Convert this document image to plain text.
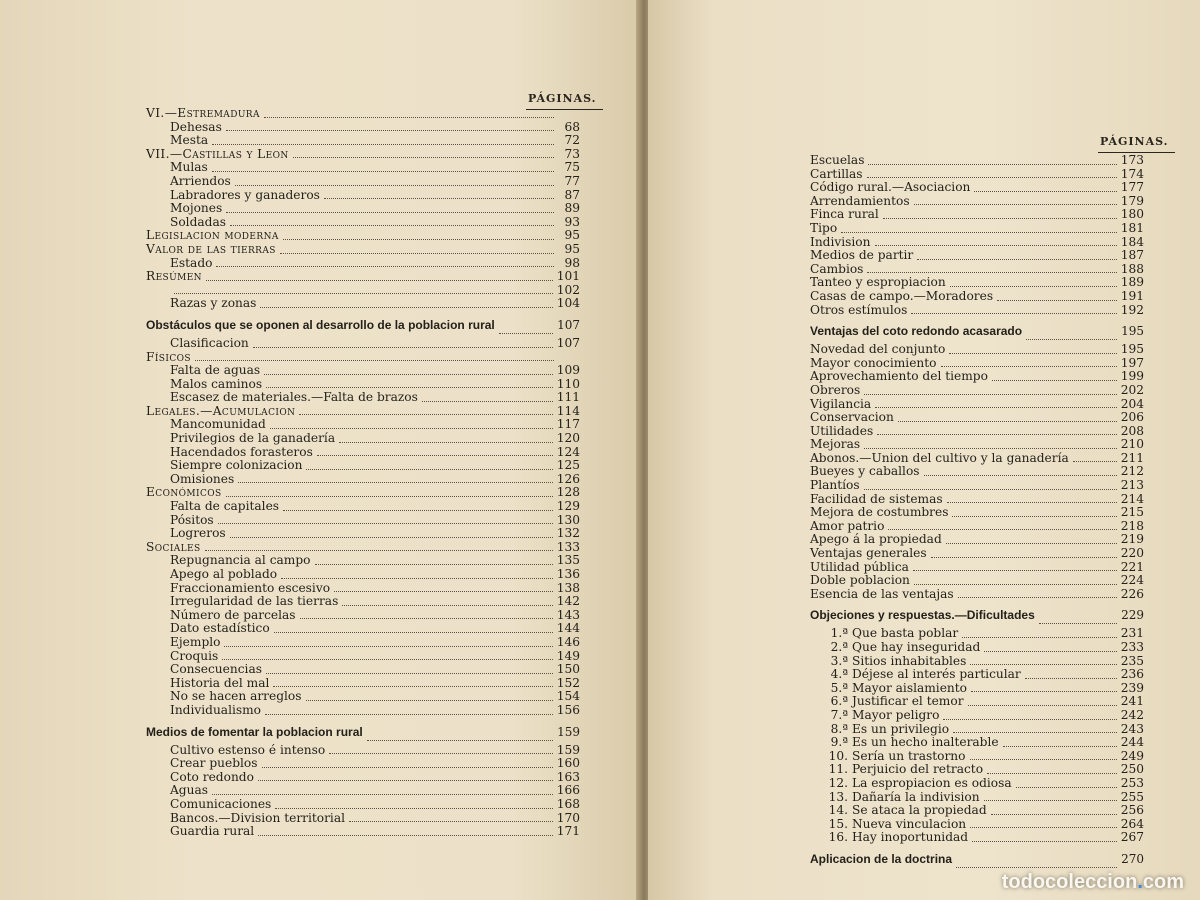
PÁGINAS.
VI.—Estremadura
Dehesas	68
Mesta	72
VII.—Castillas y Leon	73
Mulas	75
Arriendos	77
Labradores y ganaderos	87
Mojones	89
Soldadas	93
Legislacion moderna	95
Valor de las tierras	95
Estado	98
Resúmen	101
102
Razas y zonas	104
Obstáculos que se oponen al desarrollo de la poblacion rural	107
Clasificacion	107
Físicos
Falta de aguas	109
Malos caminos	110
Escasez de materiales.—Falta de brazos	111
Legales.—Acumulacion	114
Mancomunidad	117
Privilegios de la ganadería	120
Hacendados forasteros	124
Siempre colonizacion	125
Omisiones	126
Económicos	128
Falta de capitales	129
Pósitos	130
Logreros	132
Sociales	133
Repugnancia al campo	135
Apego al poblado	136
Fraccionamiento escesivo	138
Irregularidad de las tierras	142
Número de parcelas	143
Dato estadístico	144
Ejemplo	146
Croquis	149
Consecuencias	150
Historia del mal	152
No se hacen arreglos	154
Individualismo	156
Medios de fomentar la poblacion rural	159
Cultivo estenso é intenso	159
Crear pueblos	160
Coto redondo	163
Aguas	166
Comunicaciones	168
Bancos.—Division territorial	170
Guardia rural	171
PÁGINAS.
Escuelas	173
Cartillas	174
Código rural.—Asociacion	177
Arrendamientos	179
Finca rural	180
Tipo	181
Indivision	184
Medios de partir	187
Cambios	188
Tanteo y espropiacion	189
Casas de campo.—Moradores	191
Otros estímulos	192
Ventajas del coto redondo acasarado	195
Novedad del conjunto	195
Mayor conocimiento	197
Aprovechamiento del tiempo	199
Obreros	202
Vigilancia	204
Conservacion	206
Utilidades	208
Mejoras	210
Abonos.—Union del cultivo y la ganadería	211
Bueyes y caballos	212
Plantíos	213
Facilidad de sistemas	214
Mejora de costumbres	215
Amor patrio	218
Apego á la propiedad	219
Ventajas generales	220
Utilidad pública	221
Doble poblacion	224
Esencia de las ventajas	226
Objeciones y respuestas.—Dificultades	229
1.ª Que basta poblar	231
2.ª Que hay inseguridad	233
3.ª Sitios inhabitables	235
4.ª Déjese al interés particular	236
5.ª Mayor aislamiento	239
6.ª Justificar el temor	241
7.ª Mayor peligro	242
8.ª Es un privilegio	243
9.ª Es un hecho inalterable	244
10. Sería un trastorno	249
11. Perjuicio del retracto	250
12. La espropiacion es odiosa	253
13. Dañaría la indivision	255
14. Se ataca la propiedad	256
15. Nueva vinculacion	264
16. Hay inoportunidad	267
Aplicacion de la doctrina	270
todocoleccion.com
